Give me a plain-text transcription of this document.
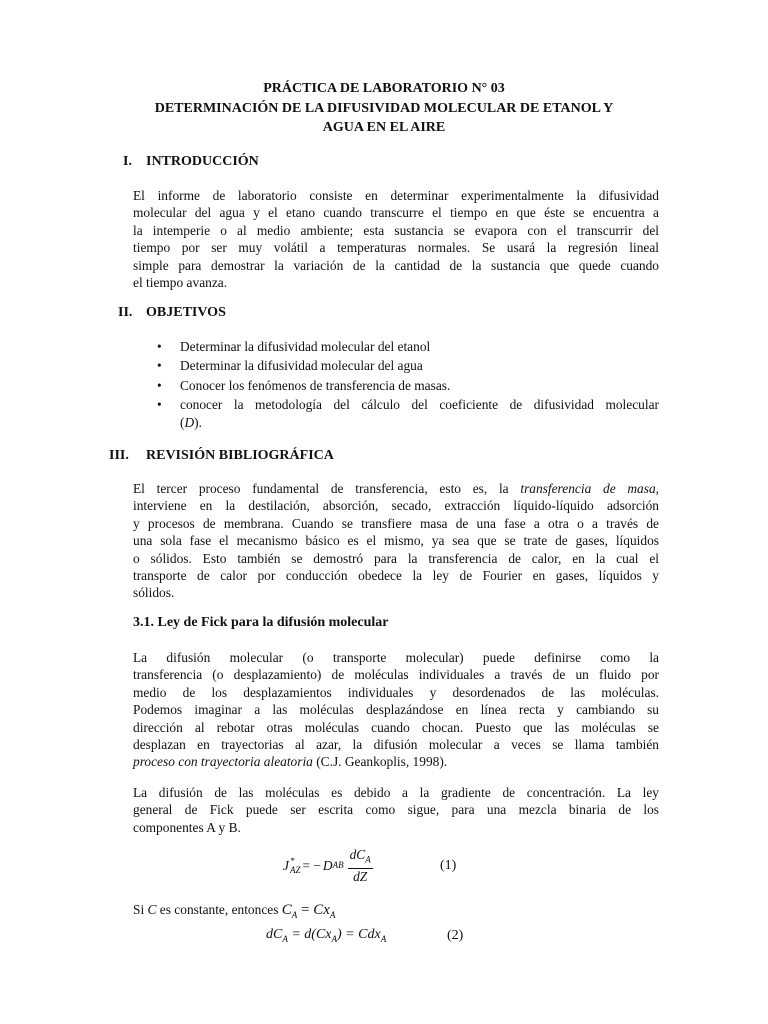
PRÁCTICA DE LABORATORIO N° 03
DETERMINACIÓN DE LA DIFUSIVIDAD MOLECULAR DE ETANOL Y
AGUA EN EL AIRE
I. INTRODUCCIÓN
El informe de laboratorio consiste en determinar experimentalmente la difusividad
molecular del agua y el etano cuando transcurre el tiempo en que éste se encuentra a
la intemperie o al medio ambiente; esta sustancia se evapora con el transcurrir del
tiempo por ser muy volátil a temperaturas normales. Se usará la regresión lineal
simple para demostrar la variación de la cantidad de la sustancia que quede cuando
el tiempo avanza.
II. OBJETIVOS
• Determinar la difusividad molecular del etanol
• Determinar la difusividad molecular del agua
• Conocer los fenómenos de transferencia de masas.
• conocer la metodología del cálculo del coeficiente de difusividad molecular
(D).
III. REVISIÓN BIBLIOGRÁFICA
El tercer proceso fundamental de transferencia, esto es, la transferencia de masa,
interviene en la destilación, absorción, secado, extracción líquido-líquido adsorción
y procesos de membrana. Cuando se transfiere masa de una fase a otra o a través de
una sola fase el mecanismo básico es el mismo, ya sea que se trate de gases, líquidos
o sólidos. Esto también se demostró para la transferencia de calor, en la cual el
transporte de calor por conducción obedece la ley de Fourier en gases, líquidos y
sólidos.
3.1. Ley de Fick para la difusión molecular
La difusión molecular (o transporte molecular) puede definirse como la
transferencia (o desplazamiento) de moléculas individuales a través de un fluido por
medio de los desplazamientos individuales y desordenados de las moléculas.
Podemos imaginar a las moléculas desplazándose en línea recta y cambiando su
dirección al rebotar otras moléculas cuando chocan. Puesto que las moléculas se
desplazan en trayectorias al azar, la difusión molecular a veces se llama también
proceso con trayectoria aleatoria (C.J. Geankoplis, 1998).
La difusión de las moléculas es debido a la gradiente de concentración. La ley
general de Fick puede ser escrita como sigue, para una mezcla binaria de los
componentes A y B.
J *
AZ = − D AB $\frac{dC_A}{dZ}$	(1)
Si C es constante, entonces $C_A = Cx_A$
$dC_A = d(Cx_A) = Cdx_A$	(2)
